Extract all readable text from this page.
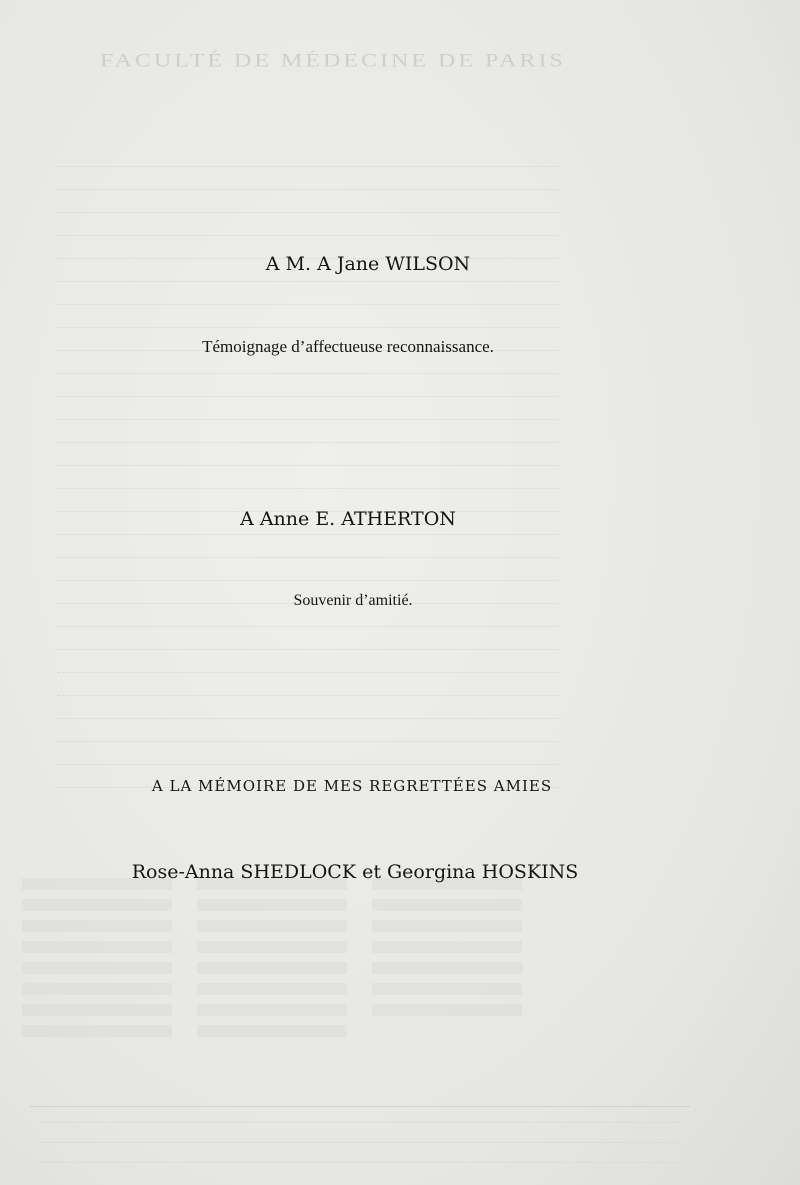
FACULTÉ DE MÉDECINE DE PARIS
A M. A Jane WILSON
Témoignage d’affectueuse reconnaissance.
A Anne E. ATHERTON
Souvenir d’amitié.
A LA MÉMOIRE DE MES REGRETTÉES AMIES
Rose-Anna SHEDLOCK et Georgina HOSKINS
